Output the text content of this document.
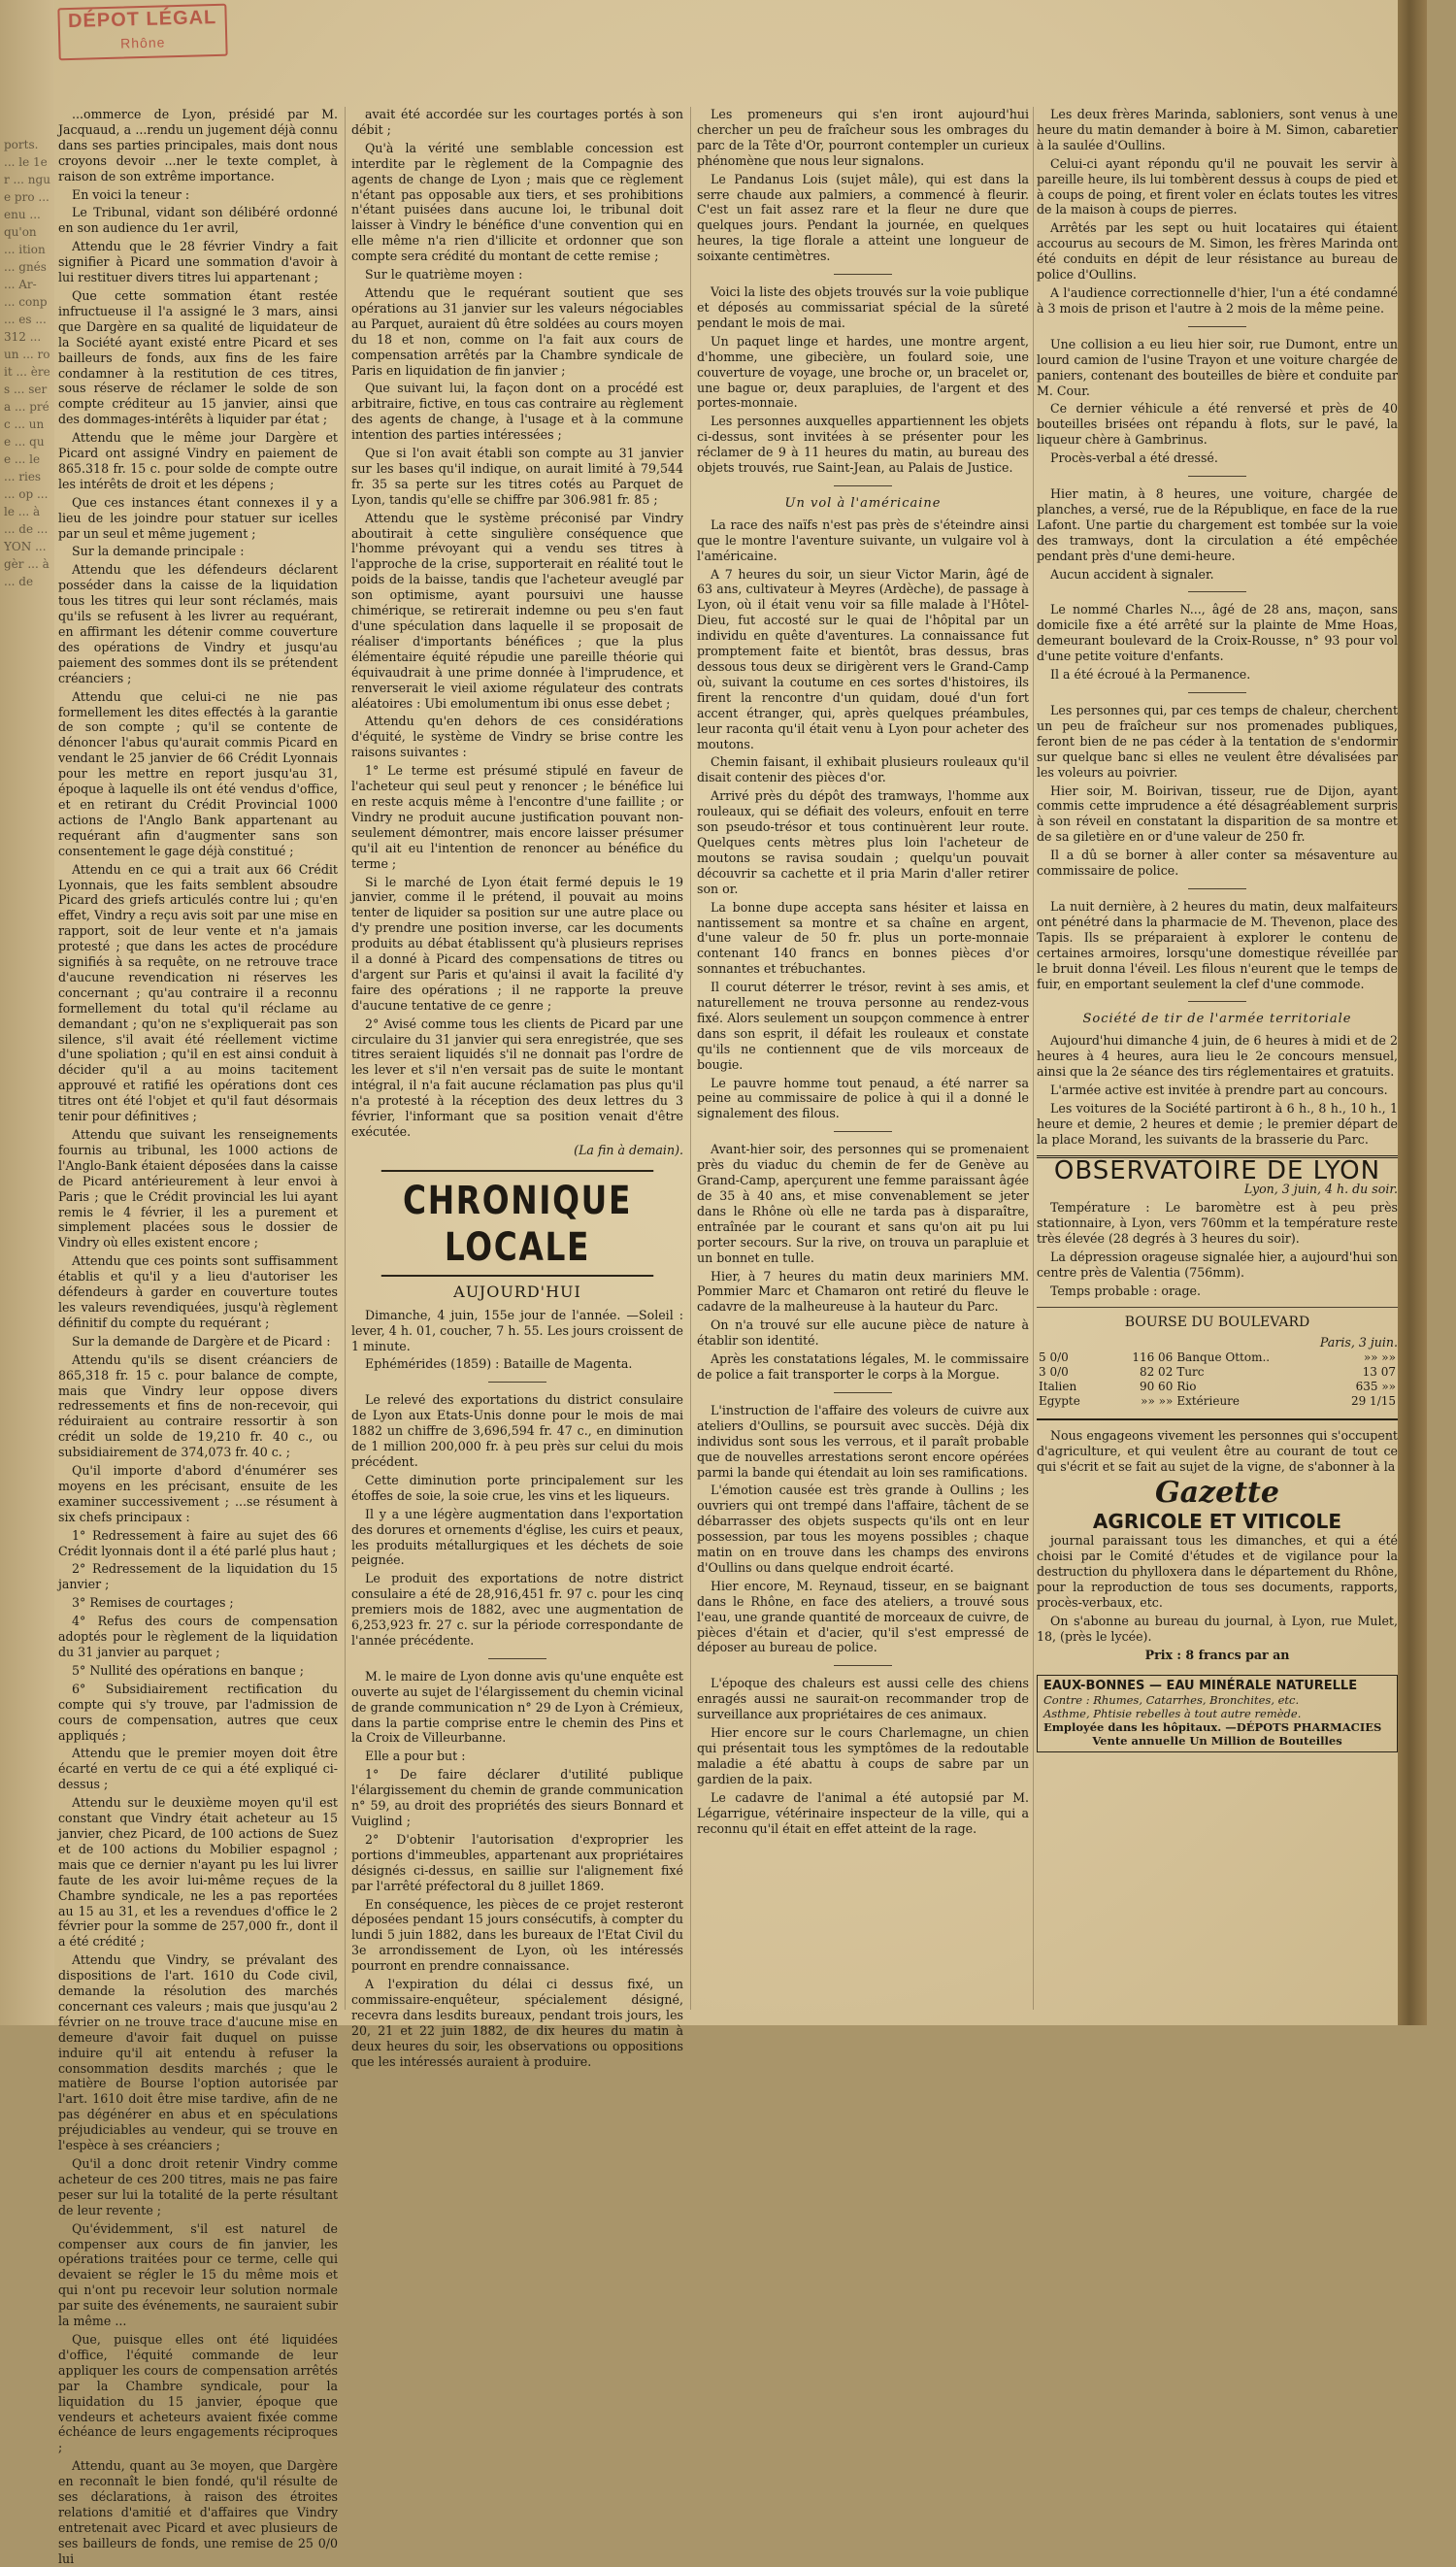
ports. ... le 1er ... ngue pro ... enu ... qu'on ... ition ... gnés ... Ar- ... conp ... es ... 312 ... un ... roit ... ères ... sera ... préc ... une ... que ... le ... ries ... op ... le ... à ... de ... YON ... gèr ... à ... de
DÉPOT LÉGAL
Rhône

...ommerce de Lyon, présidé par M. Jacquaud, a ...rendu un jugement déjà connu dans ses parties principales, mais dont nous croyons devoir ...ner le texte complet, à raison de son extrême importance.

En voici la teneur :

Le Tribunal, vidant son délibéré ordonné en son audience du 1er avril,

Attendu que le 28 février Vindry a fait signifier à Picard une sommation d'avoir à lui restituer divers titres lui appartenant ;

Que cette sommation étant restée infructueuse il l'a assigné le 3 mars, ainsi que Dargère en sa qualité de liquidateur de la Société ayant existé entre Picard et ses bailleurs de fonds, aux fins de les faire condamner à la restitution de ces titres, sous réserve de réclamer le solde de son compte créditeur au 15 janvier, ainsi que des dommages-intérêts à liquider par état ;

Attendu que le même jour Dargère et Picard ont assigné Vindry en paiement de 865.318 fr. 15 c. pour solde de compte outre les intérêts de droit et les dépens ;

Que ces instances étant connexes il y a lieu de les joindre pour statuer sur icelles par un seul et même jugement ;

Sur la demande principale :

Attendu que les défendeurs déclarent posséder dans la caisse de la liquidation tous les titres qui leur sont réclamés, mais qu'ils se refusent à les livrer au requérant, en affirmant les détenir comme couverture des opérations de Vindry et jusqu'au paiement des sommes dont ils se prétendent créanciers ;

Attendu que celui-ci ne nie pas formellement les dites effectés à la garantie de son compte ; qu'il se contente de dénoncer l'abus qu'aurait commis Picard en vendant le 25 janvier de 66 Crédit Lyonnais pour les mettre en report jusqu'au 31, époque à laquelle ils ont été vendus d'office, et en retirant du Crédit Provincial 1000 actions de l'Anglo Bank appartenant au requérant afin d'augmenter sans son consentement le gage déjà constitué ;

Attendu en ce qui a trait aux 66 Crédit Lyonnais, que les faits semblent absoudre Picard des griefs articulés contre lui ; qu'en effet, Vindry a reçu avis soit par une mise en rapport, soit de leur vente et n'a jamais protesté ; que dans les actes de procédure signifiés à sa requête, on ne retrouve trace d'aucune revendication ni réserves les concernant ; qu'au contraire il a reconnu formellement du total qu'il réclame au demandant ; qu'on ne s'expliquerait pas son silence, s'il avait été réellement victime d'une spoliation ; qu'il en est ainsi conduit à décider qu'il a au moins tacitement approuvé et ratifié les opérations dont ces titres ont été l'objet et qu'il faut désormais tenir pour définitives ;

Attendu que suivant les renseignements fournis au tribunal, les 1000 actions de l'Anglo-Bank étaient déposées dans la caisse de Picard antérieurement à leur envoi à Paris ; que le Crédit provincial les lui ayant remis le 4 février, il les a purement et simplement placées sous le dossier de Vindry où elles existent encore ;

Attendu que ces points sont suffisamment établis et qu'il y a lieu d'autoriser les défendeurs à garder en couverture toutes les valeurs revendiquées, jusqu'à règlement définitif du compte du requérant ;

Sur la demande de Dargère et de Picard :

Attendu qu'ils se disent créanciers de 865,318 fr. 15 c. pour balance de compte, mais que Vindry leur oppose divers redressements et fins de non-recevoir, qui réduiraient au contraire ressortir à son crédit un solde de 19,210 fr. 40 c., ou subsidiairement de 374,073 fr. 40 c. ;

Qu'il importe d'abord d'énumérer ses moyens en les précisant, ensuite de les examiner successivement ; ...se résument à six chefs principaux :

1° Redressement à faire au sujet des 66 Crédit lyonnais dont il a été parlé plus haut ;

2° Redressement de la liquidation du 15 janvier ;

3° Remises de courtages ;

4° Refus des cours de compensation adoptés pour le règlement de la liquidation du 31 janvier au parquet ;

5° Nullité des opérations en banque ;

6° Subsidiairement rectification du compte qui s'y trouve, par l'admission de cours de compensation, autres que ceux appliqués ;

Attendu que le premier moyen doit être écarté en vertu de ce qui a été expliqué ci-dessus ;

Attendu sur le deuxième moyen qu'il est constant que Vindry était acheteur au 15 janvier, chez Picard, de 100 actions de Suez et de 100 actions du Mobilier espagnol ; mais que ce dernier n'ayant pu les lui livrer faute de les avoir lui-même reçues de la Chambre syndicale, ne les a pas reportées au 15 au 31, et les a revendues d'office le 2 février pour la somme de 257,000 fr., dont il a été crédité ;

Attendu que Vindry, se prévalant des dispositions de l'art. 1610 du Code civil, demande la résolution des marchés concernant ces valeurs ; mais que jusqu'au 2 février on ne trouve trace d'aucune mise en demeure d'avoir fait duquel on puisse induire qu'il ait entendu à refuser la consommation desdits marchés ; que le matière de Bourse l'option autorisée par l'art. 1610 doit être mise tardive, afin de ne pas dégénérer en abus et en spéculations préjudiciables au vendeur, qui se trouve en l'espèce à ses créanciers ;

Qu'il a donc droit retenir Vindry comme acheteur de ces 200 titres, mais ne pas faire peser sur lui la totalité de la perte résultant de leur revente ;

Qu'évidemment, s'il est naturel de compenser aux cours de fin janvier, les opérations traitées pour ce terme, celle qui devaient se régler le 15 du même mois et qui n'ont pu recevoir leur solution normale par suite des événements, ne sauraient subir la même ...

Que, puisque elles ont été liquidées d'office, l'équité commande de leur appliquer les cours de compensation arrêtés par la Chambre syndicale, pour la liquidation du 15 janvier, époque que vendeurs et acheteurs avaient fixée comme échéance de leurs engagements réciproques ;

Attendu, quant au 3e moyen, que Dargère en reconnaît le bien fondé, qu'il résulte de ses déclarations, à raison des étroites relations d'amitié et d'affaires que Vindry entretenait avec Picard et avec plusieurs de ses bailleurs de fonds, une remise de 25 0/0 lui

avait été accordée sur les courtages portés à son débit ;

Qu'à la vérité une semblable concession est interdite par le règlement de la Compagnie des agents de change de Lyon ; mais que ce règlement n'étant pas opposable aux tiers, et ses prohibitions n'étant puisées dans aucune loi, le tribunal doit laisser à Vindry le bénéfice d'une convention qui en elle même n'a rien d'illicite et ordonner que son compte sera crédité du montant de cette remise ;

Sur le quatrième moyen :

Attendu que le requérant soutient que ses opérations au 31 janvier sur les valeurs négociables au Parquet, auraient dû être soldées au cours moyen du 18 et non, comme on l'a fait aux cours de compensation arrêtés par la Chambre syndicale de Paris en liquidation de fin janvier ;

Que suivant lui, la façon dont on a procédé est arbitraire, fictive, en tous cas contraire au règlement des agents de change, à l'usage et à la commune intention des parties intéressées ;

Que si l'on avait établi son compte au 31 janvier sur les bases qu'il indique, on aurait limité à 79,544 fr. 35 sa perte sur les titres cotés au Parquet de Lyon, tandis qu'elle se chiffre par 306.981 fr. 85 ;

Attendu que le système préconisé par Vindry aboutirait à cette singulière conséquence que l'homme prévoyant qui a vendu ses titres à l'approche de la crise, supporterait en réalité tout le poids de la baisse, tandis que l'acheteur aveuglé par son optimisme, ayant poursuivi une hausse chimérique, se retirerait indemne ou peu s'en faut d'une spéculation dans laquelle il se proposait de réaliser d'importants bénéfices ; que la plus élémentaire équité répudie une pareille théorie qui équivaudrait à une prime donnée à l'imprudence, et renverserait le vieil axiome régulateur des contrats aléatoires : Ubi emolumentum ibi onus esse debet ;

Attendu qu'en dehors de ces considérations d'équité, le système de Vindry se brise contre les raisons suivantes :

1° Le terme est présumé stipulé en faveur de l'acheteur qui seul peut y renoncer ; le bénéfice lui en reste acquis même à l'encontre d'une faillite ; or Vindry ne produit aucune justification pouvant non-seulement démontrer, mais encore laisser présumer qu'il ait eu l'intention de renoncer au bénéfice du terme ;

Si le marché de Lyon était fermé depuis le 19 janvier, comme il le prétend, il pouvait au moins tenter de liquider sa position sur une autre place ou d'y prendre une position inverse, car les documents produits au débat établissent qu'à plusieurs reprises il a donné à Picard des compensations de titres ou d'argent sur Paris et qu'ainsi il avait la facilité d'y faire des opérations ; il ne rapporte la preuve d'aucune tentative de ce genre ;

2° Avisé comme tous les clients de Picard par une circulaire du 31 janvier qui sera enregistrée, que ses titres seraient liquidés s'il ne donnait pas l'ordre de les lever et s'il n'en versait pas de suite le montant intégral, il n'a fait aucune réclamation pas plus qu'il n'a protesté à la réception des deux lettres du 3 février, l'informant que sa position venait d'être exécutée.

(La fin à demain).
CHRONIQUE LOCALE
AUJOURD'HUI

Dimanche, 4 juin, 155e jour de l'année. —Soleil : lever, 4 h. 01, coucher, 7 h. 55. Les jours croissent de 1 minute.

Ephémérides (1859) : Bataille de Magenta.

Le relevé des exportations du district consulaire de Lyon aux Etats-Unis donne pour le mois de mai 1882 un chiffre de 3,696,594 fr. 47 c., en diminution de 1 million 200,000 fr. à peu près sur celui du mois précédent.

Cette diminution porte principalement sur les étoffes de soie, la soie crue, les vins et les liqueurs.

Il y a une légère augmentation dans l'exportation des dorures et ornements d'église, les cuirs et peaux, les produits métallurgiques et les déchets de soie peignée.

Le produit des exportations de notre district consulaire a été de 28,916,451 fr. 97 c. pour les cinq premiers mois de 1882, avec une augmentation de 6,253,923 fr. 27 c. sur la période correspondante de l'année précédente.

M. le maire de Lyon donne avis qu'une enquête est ouverte au sujet de l'élargissement du chemin vicinal de grande communication n° 29 de Lyon à Crémieux, dans la partie comprise entre le chemin des Pins et la Croix de Villeurbanne.

Elle a pour but :

1° De faire déclarer d'utilité publique l'élargissement du chemin de grande communication n° 59, au droit des propriétés des sieurs Bonnard et Vuiglind ;

2° D'obtenir l'autorisation d'exproprier les portions d'immeubles, appartenant aux propriétaires désignés ci-dessus, en saillie sur l'alignement fixé par l'arrêté préfectoral du 8 juillet 1869.

En conséquence, les pièces de ce projet resteront déposées pendant 15 jours consécutifs, à compter du lundi 5 juin 1882, dans les bureaux de l'Etat Civil du 3e arrondissement de Lyon, où les intéressés pourront en prendre connaissance.

A l'expiration du délai ci dessus fixé, un commissaire-enquêteur, spécialement désigné, recevra dans lesdits bureaux, pendant trois jours, les 20, 21 et 22 juin 1882, de dix heures du matin à deux heures du soir, les observations ou oppositions que les intéressés auraient à produire.

Les promeneurs qui s'en iront aujourd'hui chercher un peu de fraîcheur sous les ombrages du parc de la Tête d'Or, pourront contempler un curieux phénomène que nous leur signalons.

Le Pandanus Lois (sujet mâle), qui est dans la serre chaude aux palmiers, a commencé à fleurir. C'est un fait assez rare et la fleur ne dure que quelques jours. Pendant la journée, en quelques heures, la tige florale a atteint une longueur de soixante centimètres.

Voici la liste des objets trouvés sur la voie publique et déposés au commissariat spécial de la sûreté pendant le mois de mai.

Un paquet linge et hardes, une montre argent, d'homme, une gibecière, un foulard soie, une couverture de voyage, une broche or, un bracelet or, une bague or, deux parapluies, de l'argent et des portes-monnaie.

Les personnes auxquelles appartiennent les objets ci-dessus, sont invitées à se présenter pour les réclamer de 9 à 11 heures du matin, au bureau des objets trouvés, rue Saint-Jean, au Palais de Justice.

Un vol à l'américaine

La race des naïfs n'est pas près de s'éteindre ainsi que le montre l'aventure suivante, un vulgaire vol à l'américaine.

A 7 heures du soir, un sieur Victor Marin, âgé de 63 ans, cultivateur à Meyres (Ardèche), de passage à Lyon, où il était venu voir sa fille malade à l'Hôtel-Dieu, fut accosté sur le quai de l'hôpital par un individu en quête d'aventures. La connaissance fut promptement faite et bientôt, bras dessus, bras dessous tous deux se dirigèrent vers le Grand-Camp où, suivant la coutume en ces sortes d'histoires, ils firent la rencontre d'un quidam, doué d'un fort accent étranger, qui, après quelques préambules, leur raconta qu'il était venu à Lyon pour acheter des moutons.

Chemin faisant, il exhibait plusieurs rouleaux qu'il disait contenir des pièces d'or.

Arrivé près du dépôt des tramways, l'homme aux rouleaux, qui se défiait des voleurs, enfouit en terre son pseudo-trésor et tous continuèrent leur route. Quelques cents mètres plus loin l'acheteur de moutons se ravisa soudain ; quelqu'un pouvait découvrir sa cachette et il pria Marin d'aller retirer son or.

La bonne dupe accepta sans hésiter et laissa en nantissement sa montre et sa chaîne en argent, d'une valeur de 50 fr. plus un porte-monnaie contenant 140 francs en bonnes pièces d'or sonnantes et trébuchantes.

Il courut déterrer le trésor, revint à ses amis, et naturellement ne trouva personne au rendez-vous fixé. Alors seulement un soupçon commence à entrer dans son esprit, il défait les rouleaux et constate qu'ils ne contiennent que de vils morceaux de bougie.

Le pauvre homme tout penaud, a été narrer sa peine au commissaire de police à qui il a donné le signalement des filous.

Avant-hier soir, des personnes qui se promenaient près du viaduc du chemin de fer de Genève au Grand-Camp, aperçurent une femme paraissant âgée de 35 à 40 ans, et mise convenablement se jeter dans le Rhône où elle ne tarda pas à disparaître, entraînée par le courant et sans qu'on ait pu lui porter secours. Sur la rive, on trouva un parapluie et un bonnet en tulle.

Hier, à 7 heures du matin deux mariniers MM. Pommier Marc et Chamaron ont retiré du fleuve le cadavre de la malheureuse à la hauteur du Parc.

On n'a trouvé sur elle aucune pièce de nature à établir son identité.

Après les constatations légales, M. le commissaire de police a fait transporter le corps à la Morgue.

L'instruction de l'affaire des voleurs de cuivre aux ateliers d'Oullins, se poursuit avec succès. Déjà dix individus sont sous les verrous, et il paraît probable que de nouvelles arrestations seront encore opérées parmi la bande qui étendait au loin ses ramifications.

L'émotion causée est très grande à Oullins ; les ouvriers qui ont trempé dans l'affaire, tâchent de se débarrasser des objets suspects qu'ils ont en leur possession, par tous les moyens possibles ; chaque matin on en trouve dans les champs des environs d'Oullins ou dans quelque endroit écarté.

Hier encore, M. Reynaud, tisseur, en se baignant dans le Rhône, en face des ateliers, a trouvé sous l'eau, une grande quantité de morceaux de cuivre, de pièces d'étain et d'acier, qu'il s'est empressé de déposer au bureau de police.

L'époque des chaleurs est aussi celle des chiens enragés aussi ne saurait-on recommander trop de surveillance aux propriétaires de ces animaux.

Hier encore sur le cours Charlemagne, un chien qui présentait tous les symptômes de la redoutable maladie a été abattu à coups de sabre par un gardien de la paix.

Le cadavre de l'animal a été autopsié par M. Légarrigue, vétérinaire inspecteur de la ville, qui a reconnu qu'il était en effet atteint de la rage.

Les deux frères Marinda, sabloniers, sont venus à une heure du matin demander à boire à M. Simon, cabaretier à la saulée d'Oullins.

Celui-ci ayant répondu qu'il ne pouvait les servir à pareille heure, ils lui tombèrent dessus à coups de pied et à coups de poing, et firent voler en éclats toutes les vitres de la maison à coups de pierres.

Arrêtés par les sept ou huit locataires qui étaient accourus au secours de M. Simon, les frères Marinda ont été conduits en dépit de leur résistance au bureau de police d'Oullins.

A l'audience correctionnelle d'hier, l'un a été condamné à 3 mois de prison et l'autre à 2 mois de la même peine.

Une collision a eu lieu hier soir, rue Dumont, entre un lourd camion de l'usine Trayon et une voiture chargée de paniers, contenant des bouteilles de bière et conduite par M. Cour.

Ce dernier véhicule a été renversé et près de 40 bouteilles brisées ont répandu à flots, sur le pavé, la liqueur chère à Gambrinus.

Procès-verbal a été dressé.

Hier matin, à 8 heures, une voiture, chargée de planches, a versé, rue de la République, en face de la rue Lafont. Une partie du chargement est tombée sur la voie des tramways, dont la circulation a été empêchée pendant près d'une demi-heure.

Aucun accident à signaler.

Le nommé Charles N..., âgé de 28 ans, maçon, sans domicile fixe a été arrêté sur la plainte de Mme Hoas, demeurant boulevard de la Croix-Rousse, n° 93 pour vol d'une petite voiture d'enfants.

Il a été écroué à la Permanence.

Les personnes qui, par ces temps de chaleur, cherchent un peu de fraîcheur sur nos promenades publiques, feront bien de ne pas céder à la tentation de s'endormir sur quelque banc si elles ne veulent être dévalisées par les voleurs au poivrier.

Hier soir, M. Boirivan, tisseur, rue de Dijon, ayant commis cette imprudence a été désagréablement surpris à son réveil en constatant la disparition de sa montre et de sa giletière en or d'une valeur de 250 fr.

Il a dû se borner à aller conter sa mésaventure au commissaire de police.

La nuit dernière, à 2 heures du matin, deux malfaiteurs ont pénétré dans la pharmacie de M. Thevenon, place des Tapis. Ils se préparaient à explorer le contenu de certaines armoires, lorsqu'une domestique réveillée par le bruit donna l'éveil. Les filous n'eurent que le temps de fuir, en emportant seulement la clef d'une commode.

Société de tir de l'armée territoriale

Aujourd'hui dimanche 4 juin, de 6 heures à midi et de 2 heures à 4 heures, aura lieu le 2e concours mensuel, ainsi que la 2e séance des tirs réglementaires et gratuits.

L'armée active est invitée à prendre part au concours.

Les voitures de la Société partiront à 6 h., 8 h., 10 h., 1 heure et demie, 2 heures et demie ; le premier départ de la place Morand, les suivants de la brasserie du Parc.

OBSERVATOIRE DE LYON
Lyon, 3 juin, 4 h. du soir.

Température : Le baromètre est à peu près stationnaire, à Lyon, vers 760mm et la température reste très élevée (28 degrés à 3 heures du soir).

La dépression orageuse signalée hier, a aujourd'hui son centre près de Valentia (756mm).

Temps probable : orage.

BOURSE DU BOULEVARD
Paris, 3 juin.
5 0/0	116 06	Banque Ottom..	»» »»
3 0/0	82 02	Turc	13 07
Italien	90 60	Rio	635 »»
Egypte	»» »»	Extérieure	29 1/15

Nous engageons vivement les personnes qui s'occupent d'agriculture, et qui veulent être au courant de tout ce qui s'écrit et se fait au sujet de la vigne, de s'abonner à la

Gazette
AGRICOLE ET VITICOLE

journal paraissant tous les dimanches, et qui a été choisi par le Comité d'études et de vigilance pour la destruction du phylloxera dans le département du Rhône, pour la reproduction de tous ses documents, rapports, procès-verbaux, etc.

On s'abonne au bureau du journal, à Lyon, rue Mulet, 18, (près le lycée).

Prix : 8 francs par an
EAUX-BONNES — EAU MINÉRALE NATURELLE
Contre : Rhumes, Catarrhes, Bronchites, etc.
Asthme, Phtisie rebelles à tout autre remède.
Employée dans les hôpitaux. —DÉPOTS PHARMACIES
Vente annuelle Un Million de Bouteilles
